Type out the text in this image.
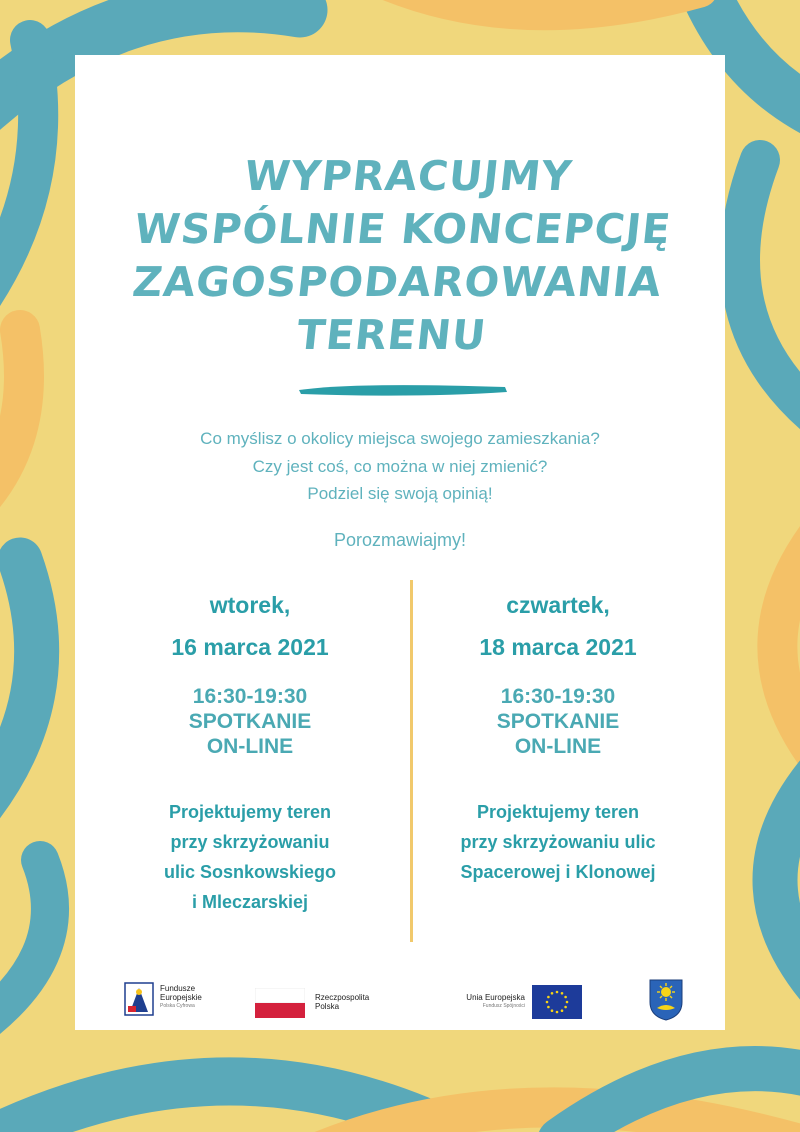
WYPRACUJMY
WSPÓLNIE KONCEPCJĘ
ZAGOSPODAROWANIA
TERENU
Co myślisz o okolicy miejsca swojego zamieszkania?
Czy jest coś, co można w niej zmienić?
Podziel się swoją opinią!
Porozmawiajmy!
wtorek,
16 marca 2021
16:30-19:30
SPOTKANIE
ON-LINE
Projektujemy teren
przy skrzyżowaniu
ulic Sosnkowskiego
i Mleczarskiej
czwartek,
18 marca 2021
16:30-19:30
SPOTKANIE
ON-LINE
Projektujemy teren
przy skrzyżowaniu ulic
Spacerowej i Klonowej
Fundusze
Europejskie
Polska Cyfrowa
Rzeczpospolita
Polska
Unia Europejska
Fundusz Spójności
